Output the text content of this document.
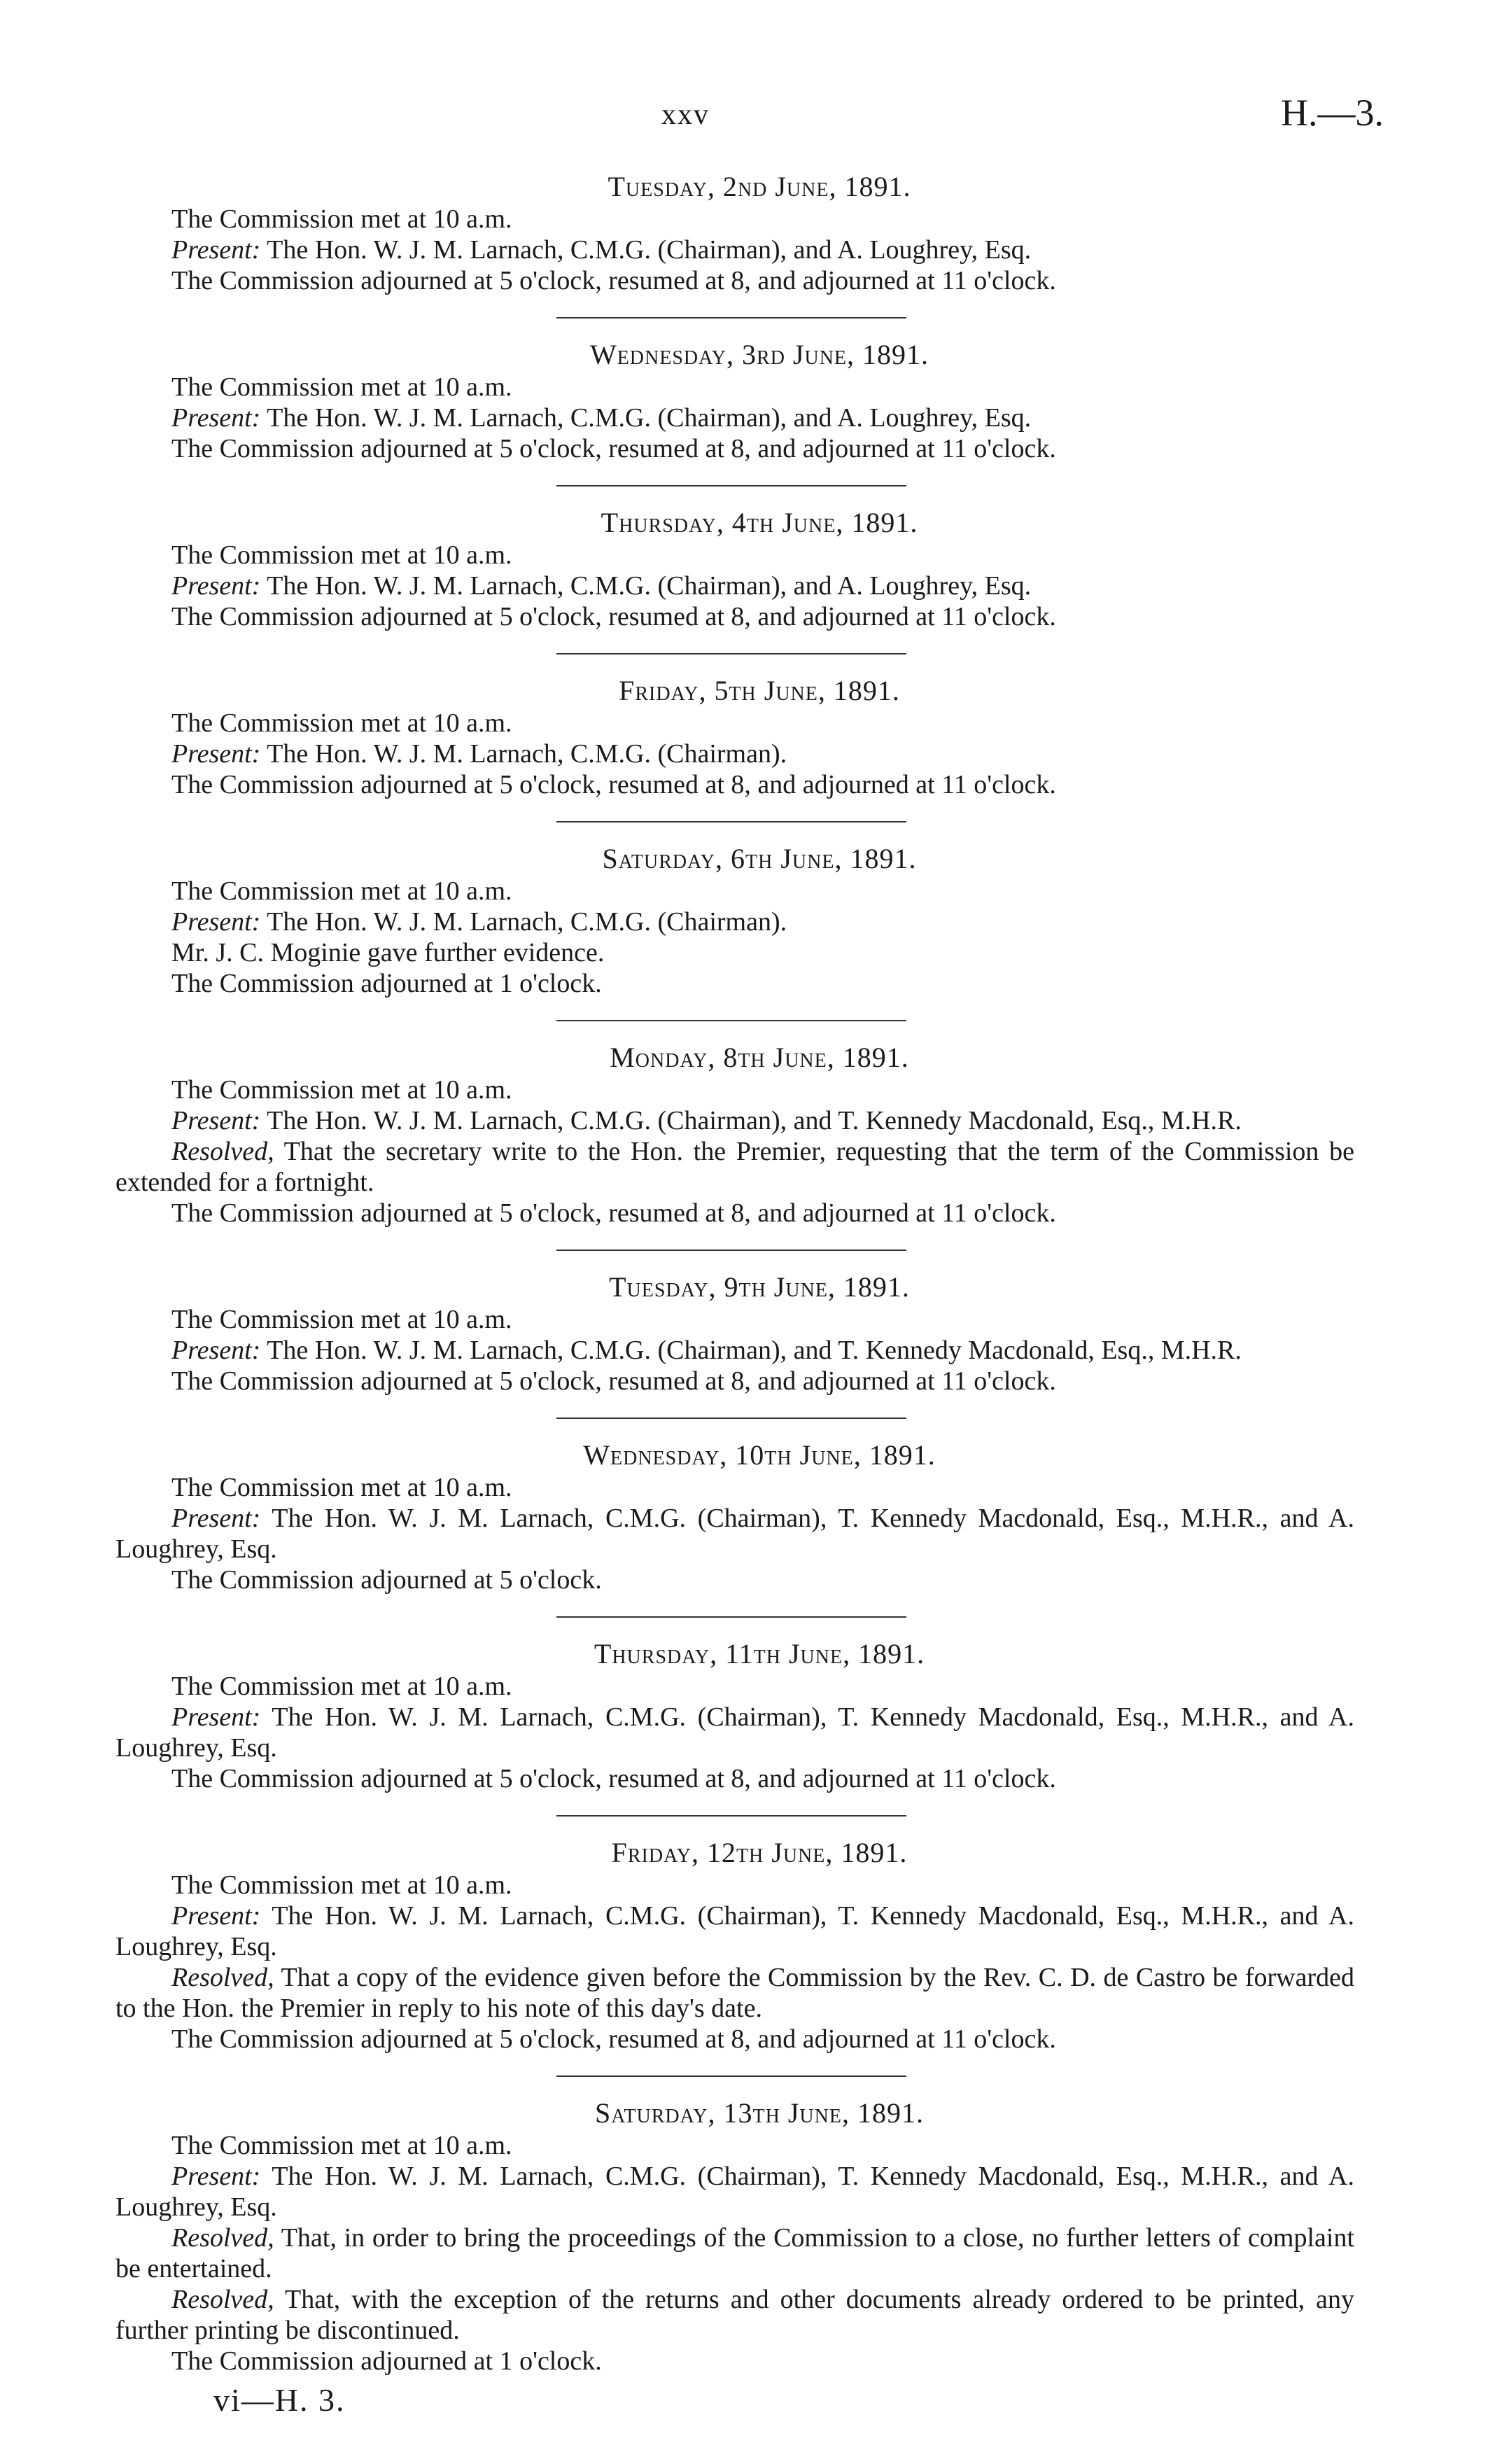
xxv	H.—3.

Tuesday, 2nd June, 1891.

The Commission met at 10 a.m.

Present: The Hon. W. J. M. Larnach, C.M.G. (Chairman), and A. Loughrey, Esq.

The Commission adjourned at 5 o'clock, resumed at 8, and adjourned at 11 o'clock.

Wednesday, 3rd June, 1891.

The Commission met at 10 a.m.

Present: The Hon. W. J. M. Larnach, C.M.G. (Chairman), and A. Loughrey, Esq.

The Commission adjourned at 5 o'clock, resumed at 8, and adjourned at 11 o'clock.

Thursday, 4th June, 1891.

The Commission met at 10 a.m.

Present: The Hon. W. J. M. Larnach, C.M.G. (Chairman), and A. Loughrey, Esq.

The Commission adjourned at 5 o'clock, resumed at 8, and adjourned at 11 o'clock.

Friday, 5th June, 1891.

The Commission met at 10 a.m.

Present: The Hon. W. J. M. Larnach, C.M.G. (Chairman).

The Commission adjourned at 5 o'clock, resumed at 8, and adjourned at 11 o'clock.

Saturday, 6th June, 1891.

The Commission met at 10 a.m.

Present: The Hon. W. J. M. Larnach, C.M.G. (Chairman).

Mr. J. C. Moginie gave further evidence.

The Commission adjourned at 1 o'clock.

Monday, 8th June, 1891.

The Commission met at 10 a.m.

Present: The Hon. W. J. M. Larnach, C.M.G. (Chairman), and T. Kennedy Macdonald, Esq., M.H.R.

Resolved, That the secretary write to the Hon. the Premier, requesting that the term of the Commission be extended for a fortnight.

The Commission adjourned at 5 o'clock, resumed at 8, and adjourned at 11 o'clock.

Tuesday, 9th June, 1891.

The Commission met at 10 a.m.

Present: The Hon. W. J. M. Larnach, C.M.G. (Chairman), and T. Kennedy Macdonald, Esq., M.H.R.

The Commission adjourned at 5 o'clock, resumed at 8, and adjourned at 11 o'clock.

Wednesday, 10th June, 1891.

The Commission met at 10 a.m.

Present: The Hon. W. J. M. Larnach, C.M.G. (Chairman), T. Kennedy Macdonald, Esq., M.H.R., and A. Loughrey, Esq.

The Commission adjourned at 5 o'clock.

Thursday, 11th June, 1891.

The Commission met at 10 a.m.

Present: The Hon. W. J. M. Larnach, C.M.G. (Chairman), T. Kennedy Macdonald, Esq., M.H.R., and A. Loughrey, Esq.

The Commission adjourned at 5 o'clock, resumed at 8, and adjourned at 11 o'clock.

Friday, 12th June, 1891.

The Commission met at 10 a.m.

Present: The Hon. W. J. M. Larnach, C.M.G. (Chairman), T. Kennedy Macdonald, Esq., M.H.R., and A. Loughrey, Esq.

Resolved, That a copy of the evidence given before the Commission by the Rev. C. D. de Castro be forwarded to the Hon. the Premier in reply to his note of this day's date.

The Commission adjourned at 5 o'clock, resumed at 8, and adjourned at 11 o'clock.

Saturday, 13th June, 1891.

The Commission met at 10 a.m.

Present: The Hon. W. J. M. Larnach, C.M.G. (Chairman), T. Kennedy Macdonald, Esq., M.H.R., and A. Loughrey, Esq.

Resolved, That, in order to bring the proceedings of the Commission to a close, no further letters of complaint be entertained.

Resolved, That, with the exception of the returns and other documents already ordered to be printed, any further printing be discontinued.

The Commission adjourned at 1 o'clock.

vi—H. 3.
